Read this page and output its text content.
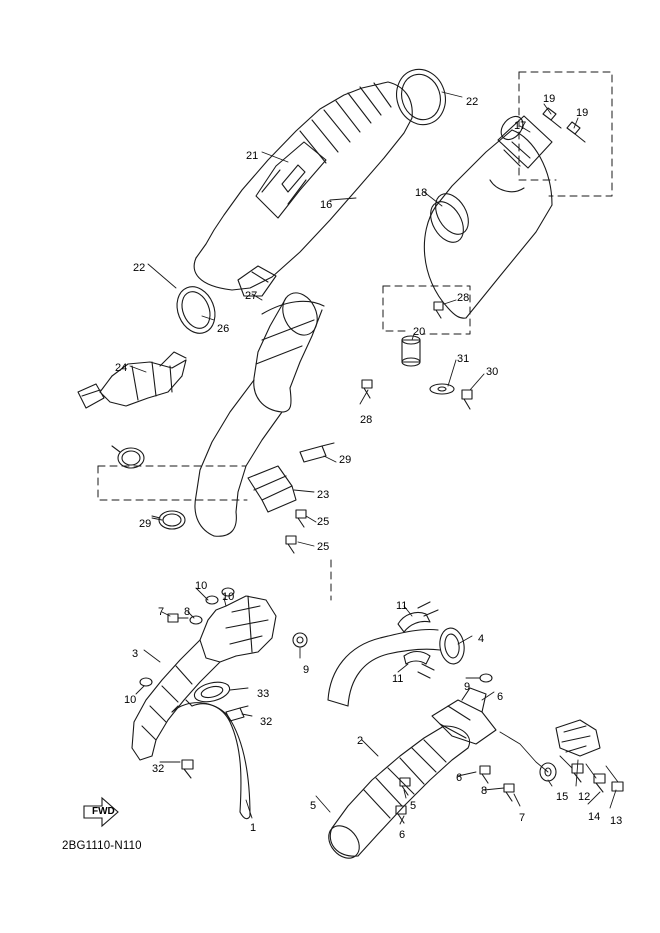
FWD
2BG1110-N110
22	19
19
17
21
16
18
22
27
26
28
20
31
30
24
28
29
23
29	25
25
10
10
7 8	11
4
3
9
11
10
9
33	6
32
2
32
6
8	15 12
14 13
7
5	5
6
1
